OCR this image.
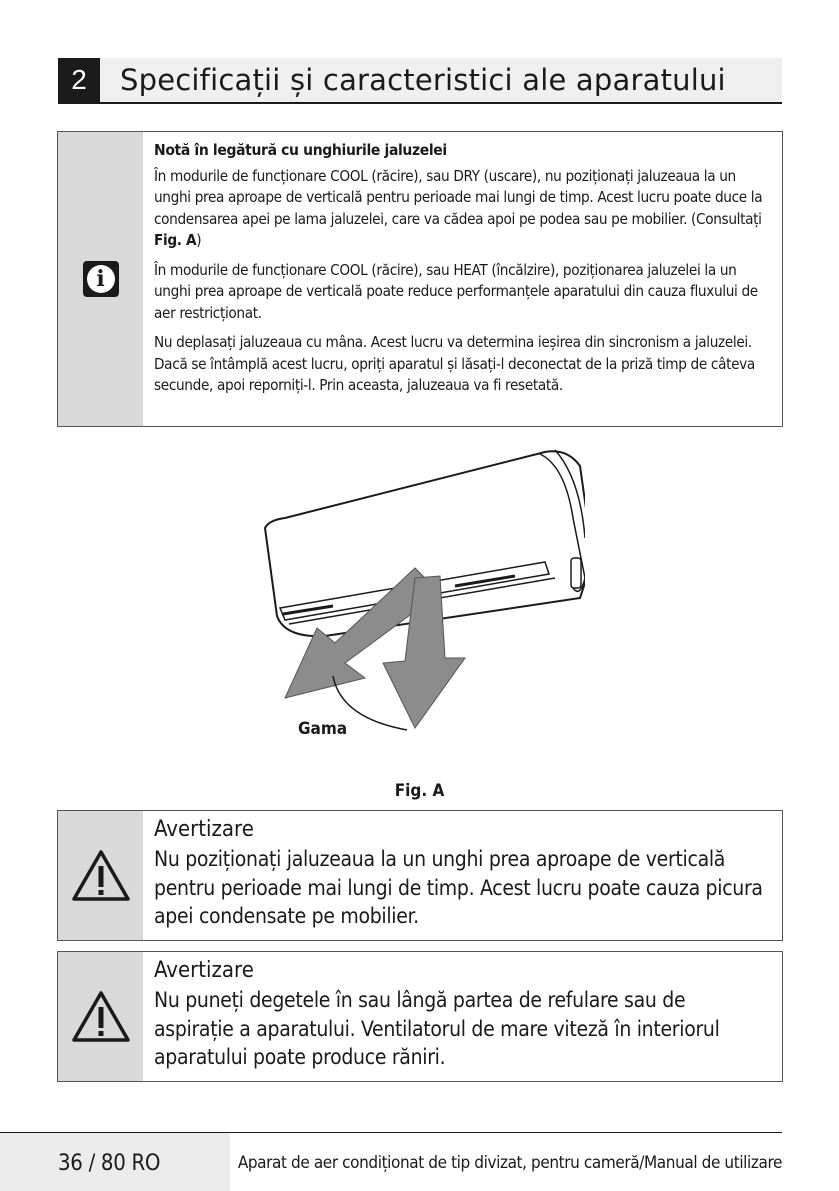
2	Specificații și caracteristici ale aparatului
i

Notă în legătură cu unghiurile jaluzelei

În modurile de funcționare COOL (răcire), sau DRY (uscare), nu poziționați jaluzeaua la un unghi prea aproape de verticală pentru perioade mai lungi de timp. Acest lucru poate duce la condensarea apei pe lama jaluzelei, care va cădea apoi pe podea sau pe mobilier. (Consultați Fig. A)

În modurile de funcționare COOL (răcire), sau HEAT (încălzire), poziționarea jaluzelei la un unghi prea aproape de verticală poate reduce performanțele aparatului din cauza fluxului de aer restricționat.

Nu deplasați jaluzeaua cu mâna. Acest lucru va determina ieșirea din sincronism a jaluzelei. Dacă se întâmplă acest lucru, opriți aparatul și lăsați-l deconectat de la priză timp de câteva secunde, apoi reporniți-l. Prin aceasta, jaluzeaua va fi resetată.

Gama
Fig. A
Avertizare
Nu poziționați jaluzeaua la un unghi prea aproape de verticală pentru perioade mai lungi de timp. Acest lucru poate cauza picura apei condensate pe mobilier.
Avertizare
Nu puneți degetele în sau lângă partea de refulare sau de aspirație a aparatului. Ventilatorul de mare viteză în interiorul aparatului poate produce răniri.
36 / 80 RO	Aparat de aer condiționat de tip divizat, pentru cameră/Manual de utilizare
